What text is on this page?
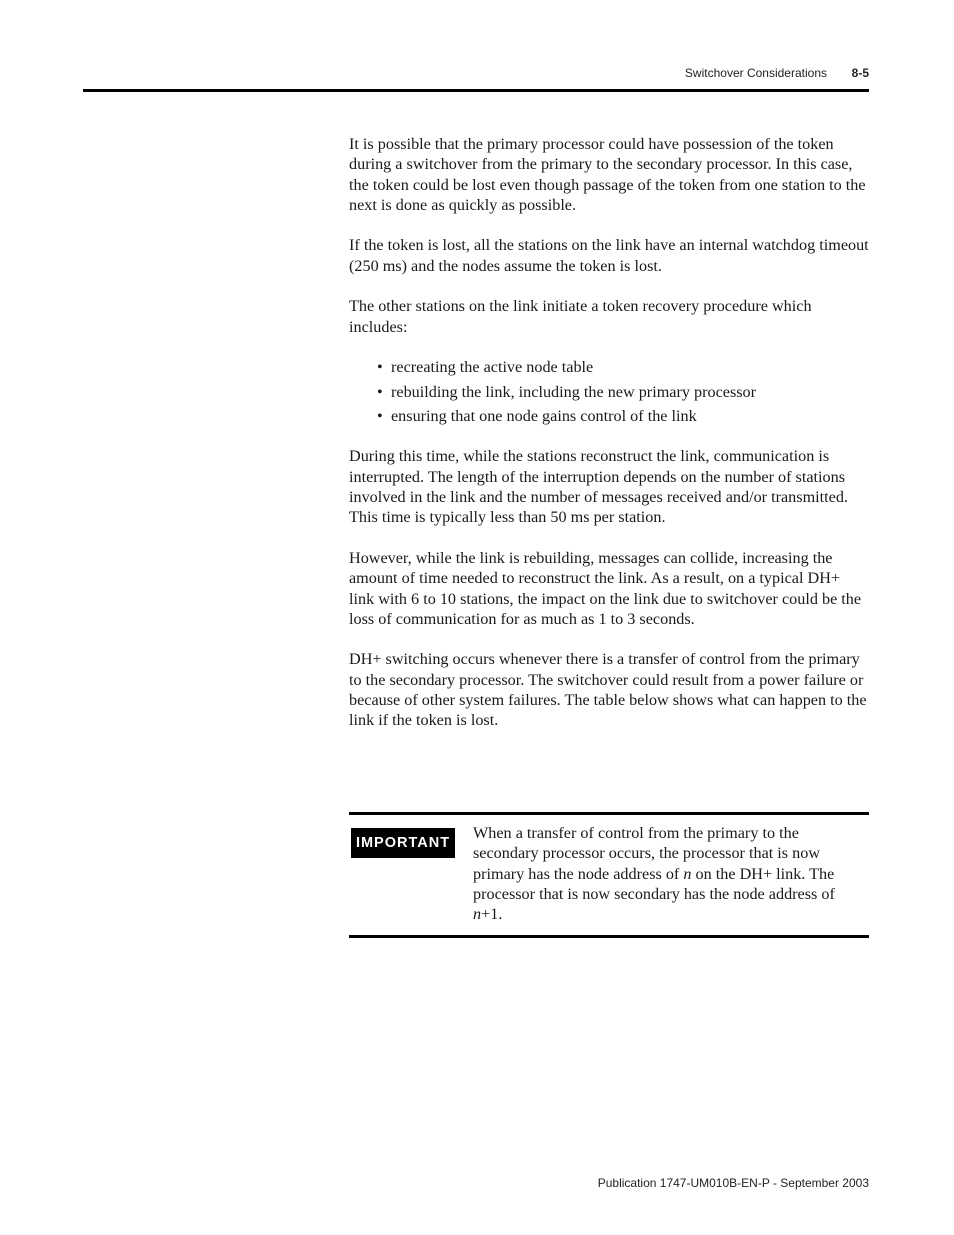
Switchover Considerations 8-5

It is possible that the primary processor could have possession of the token during a switchover from the primary to the secondary processor. In this case, the token could be lost even though passage of the token from one station to the next is done as quickly as possible.

If the token is lost, all the stations on the link have an internal watchdog timeout (250 ms) and the nodes assume the token is lost.

The other stations on the link initiate a token recovery procedure which includes:

• recreating the active node table
• rebuilding the link, including the new primary processor
• ensuring that one node gains control of the link

During this time, while the stations reconstruct the link, communication is interrupted. The length of the interruption depends on the number of stations involved in the link and the number of messages received and/or transmitted. This time is typically less than 50 ms per station.

However, while the link is rebuilding, messages can collide, increasing the amount of time needed to reconstruct the link. As a result, on a typical DH+ link with 6 to 10 stations, the impact on the link due to switchover could be the loss of communication for as much as 1 to 3 seconds.

DH+ switching occurs whenever there is a transfer of control from the primary to the secondary processor. The switchover could result from a power failure or because of other system failures. The table below shows what can happen to the link if the token is lost.

IMPORTANT
When a transfer of control from the primary to the secondary processor occurs, the processor that is now primary has the node address of n on the DH+ link. The processor that is now secondary has the node address of n+1.
Publication 1747-UM010B-EN-P - September 2003
